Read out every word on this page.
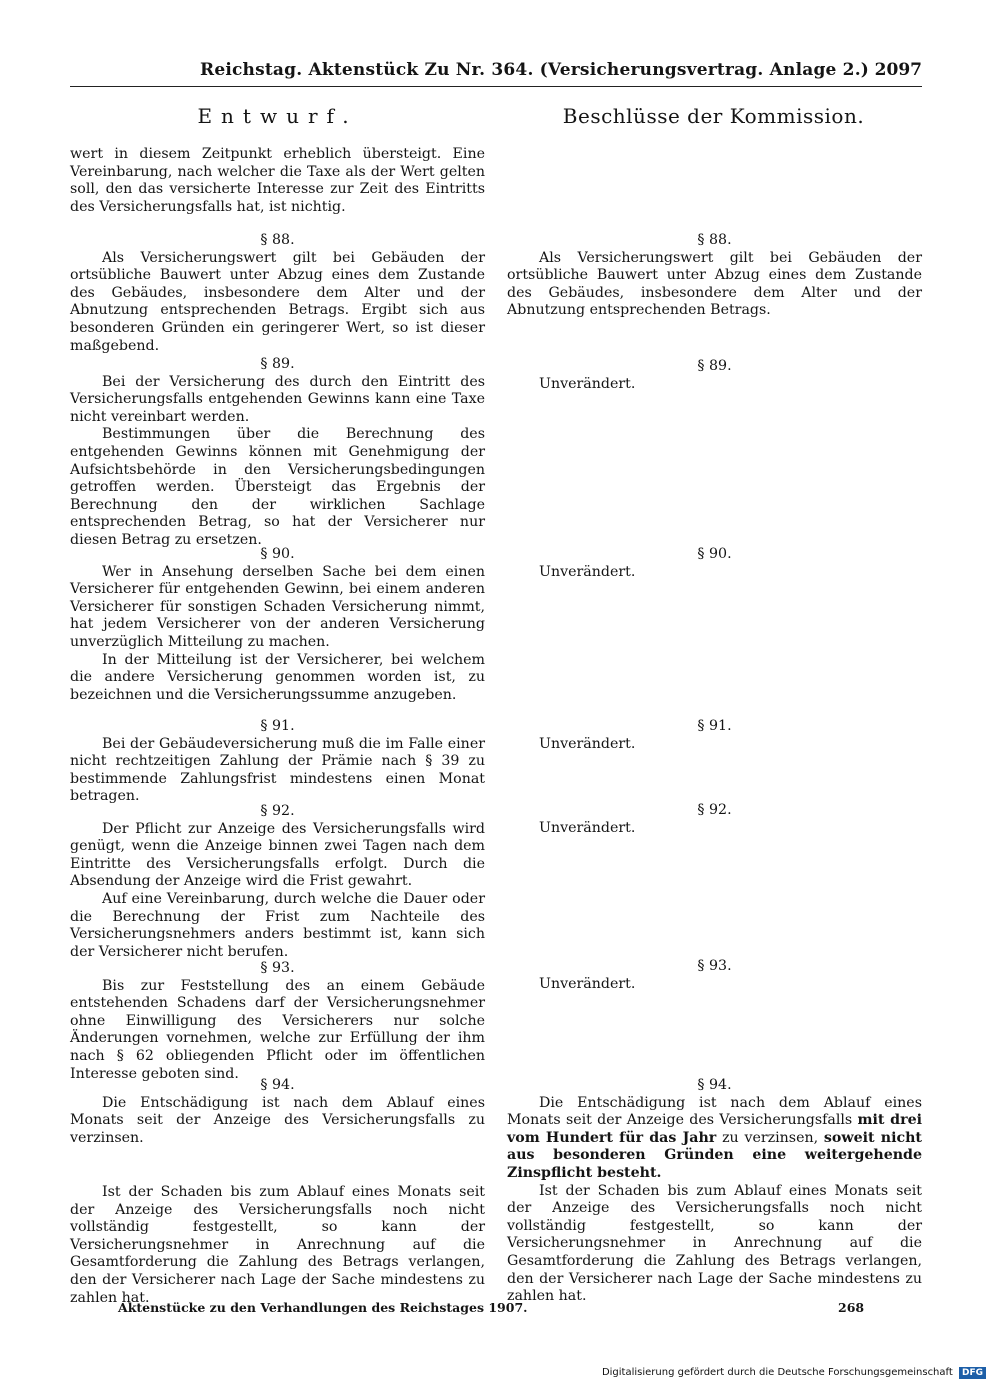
Reichstag. Aktenstück Zu Nr. 364. (Versicherungsvertrag. Anlage 2.) 2097
Entwurf.	Beschlüsse der Kommission.

wert in diesem Zeitpunkt erheblich übersteigt. Eine Vereinbarung, nach welcher die Taxe als der Wert gelten soll, den das versicherte Interesse zur Zeit des Eintritts des Versicherungsfalls hat, ist nichtig.

§ 88.

Als Versicherungswert gilt bei Gebäuden der ortsübliche Bauwert unter Abzug eines dem Zustande des Gebäudes, insbesondere dem Alter und der Abnutzung entsprechenden Betrags. Ergibt sich aus besonderen Gründen ein geringerer Wert, so ist dieser maßgebend.

§ 89.

Bei der Versicherung des durch den Eintritt des Versicherungsfalls entgehenden Gewinns kann eine Taxe nicht vereinbart werden.

Bestimmungen über die Berechnung des entgehenden Gewinns können mit Genehmigung der Aufsichtsbehörde in den Versicherungsbedingungen getroffen werden. Übersteigt das Ergebnis der Berechnung den der wirklichen Sachlage entsprechenden Betrag, so hat der Versicherer nur diesen Betrag zu ersetzen.

§ 90.

Wer in Ansehung derselben Sache bei dem einen Versicherer für entgehenden Gewinn, bei einem anderen Versicherer für sonstigen Schaden Versicherung nimmt, hat jedem Versicherer von der anderen Versicherung unverzüglich Mitteilung zu machen.

In der Mitteilung ist der Versicherer, bei welchem die andere Versicherung genommen worden ist, zu bezeichnen und die Versicherungssumme anzugeben.

§ 91.

Bei der Gebäudeversicherung muß die im Falle einer nicht rechtzeitigen Zahlung der Prämie nach § 39 zu bestimmende Zahlungsfrist mindestens einen Monat betragen.

§ 92.

Der Pflicht zur Anzeige des Versicherungsfalls wird genügt, wenn die Anzeige binnen zwei Tagen nach dem Eintritte des Versicherungsfalls erfolgt. Durch die Absendung der Anzeige wird die Frist gewahrt.

Auf eine Vereinbarung, durch welche die Dauer oder die Berechnung der Frist zum Nachteile des Versicherungsnehmers anders bestimmt ist, kann sich der Versicherer nicht berufen.

§ 93.

Bis zur Feststellung des an einem Gebäude entstehenden Schadens darf der Versicherungsnehmer ohne Einwilligung des Versicherers nur solche Änderungen vornehmen, welche zur Erfüllung der ihm nach § 62 obliegenden Pflicht oder im öffentlichen Interesse geboten sind.

§ 94.

Die Entschädigung ist nach dem Ablauf eines Monats seit der Anzeige des Versicherungsfalls zu verzinsen.

Ist der Schaden bis zum Ablauf eines Monats seit der Anzeige des Versicherungsfalls noch nicht vollständig festgestellt, so kann der Versicherungsnehmer in Anrechnung auf die Gesamtforderung die Zahlung des Betrags verlangen, den der Versicherer nach Lage der Sache mindestens zu zahlen hat.

§ 88.

Als Versicherungswert gilt bei Gebäuden der ortsübliche Bauwert unter Abzug eines dem Zustande des Gebäudes, insbesondere dem Alter und der Abnutzung entsprechenden Betrags.

§ 89.

Unverändert.

§ 90.

Unverändert.

§ 91.

Unverändert.

§ 92.

Unverändert.

§ 93.

Unverändert.

§ 94.

Die Entschädigung ist nach dem Ablauf eines Monats seit der Anzeige des Versicherungsfalls mit drei vom Hundert für das Jahr zu verzinsen, soweit nicht aus besonderen Gründen eine weitergehende Zinspflicht besteht.

Ist der Schaden bis zum Ablauf eines Monats seit der Anzeige des Versicherungsfalls noch nicht vollständig festgestellt, so kann der Versicherungsnehmer in Anrechnung auf die Gesamtforderung die Zahlung des Betrags verlangen, den der Versicherer nach Lage der Sache mindestens zu zahlen hat.

Aktenstücke zu den Verhandlungen des Reichstages 1907.	268
Digitalisierung gefördert durch die Deutsche Forschungsgemeinschaft DFG
